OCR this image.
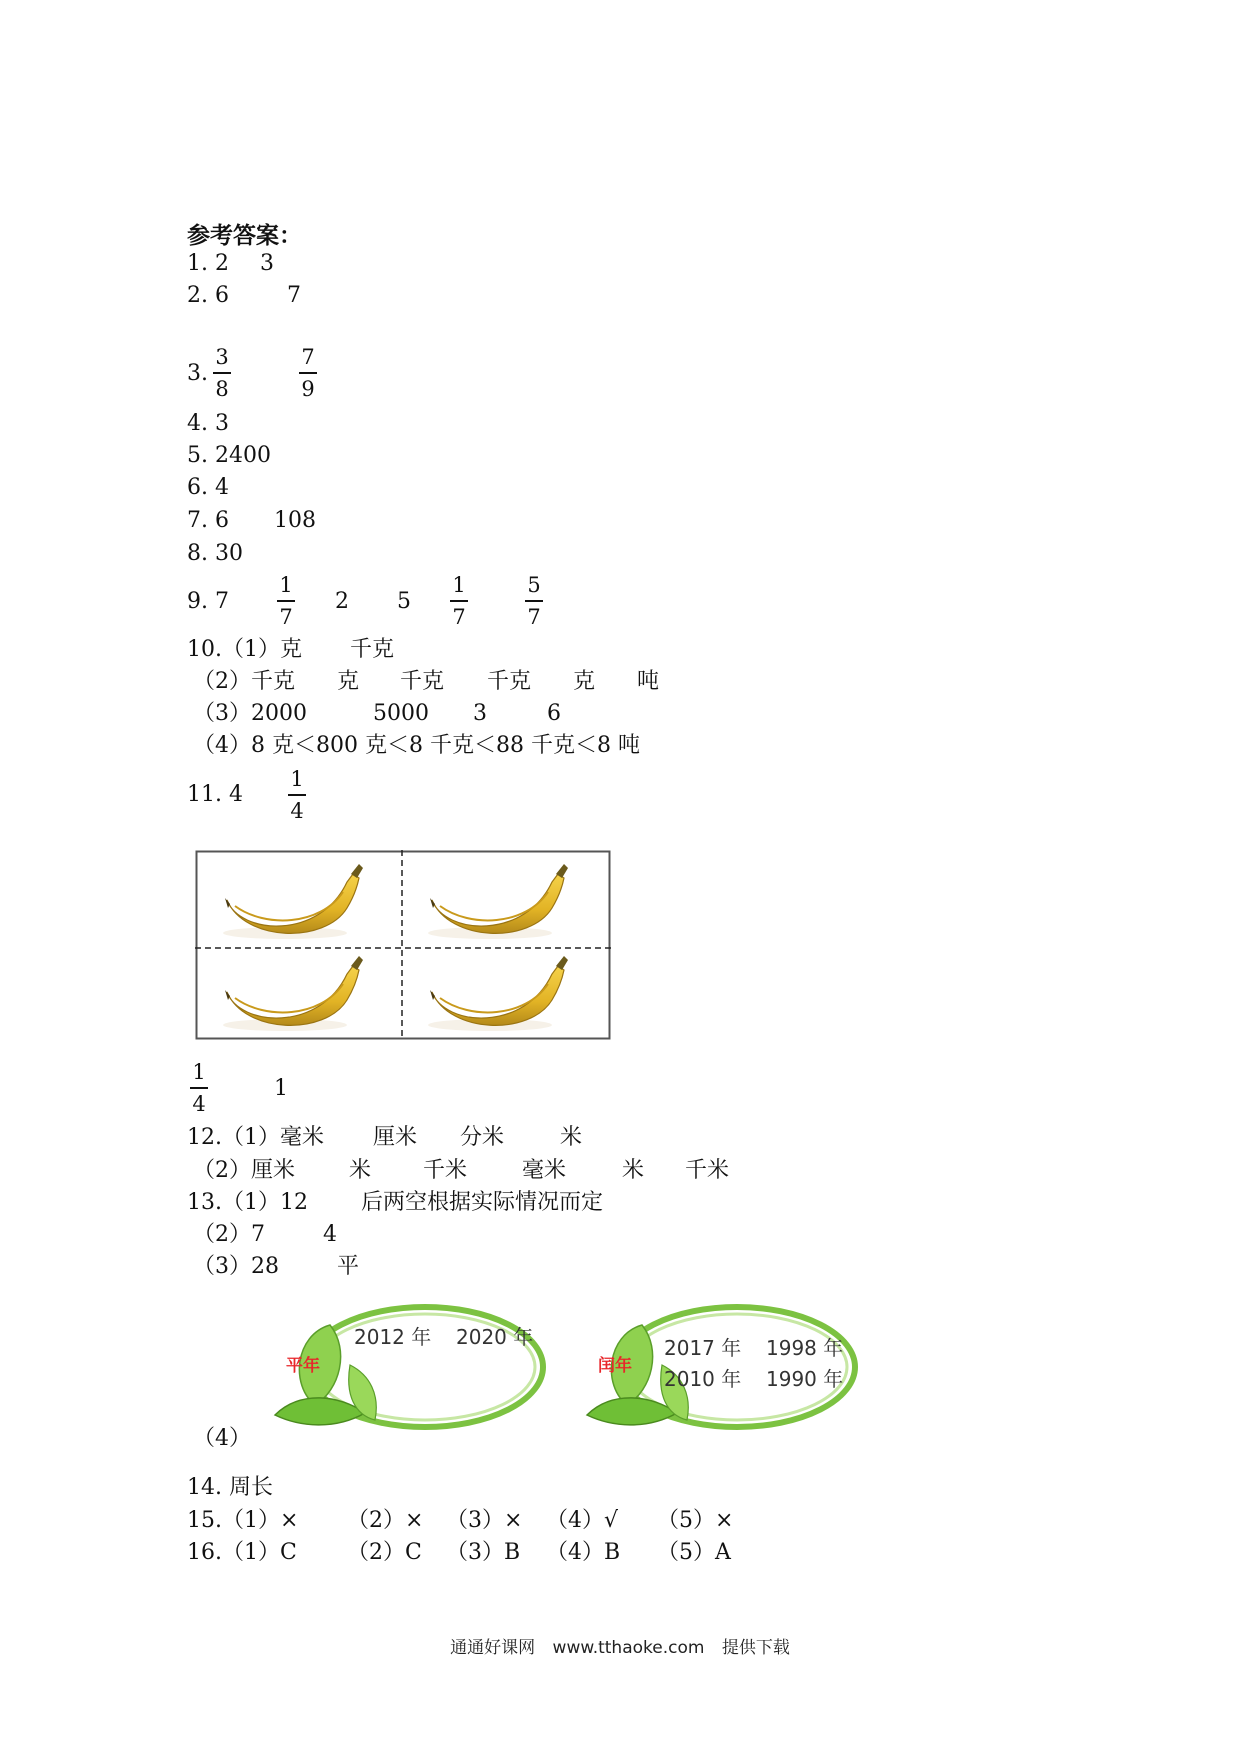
参考答案：
1. 2 3
2. 6	7
3.
3
8
7
9
4. 3
5. 2400
6. 4
7. 6 108
8. 30
9. 7
1
7
2 5
1
7
5
7
10.（1）克 千克
（2）千克 克 千克 千克 克 吨
（3）2000	5000 3	6
（4）8 克＜800 克＜8 千克＜88 千克＜8 吨
11. 4
1
4
1
4
1
12.（1）毫米 厘米 分米	米
（2）厘米 米 千米 毫米	米 千米
13.（1）12 后两空根据实际情况而定
（2）7	4
（3）28	平
平年
2012 年 2020 年
闰年
2017 年 1998 年
2010 年 1990 年
（4）
14. 周长
15.（1）× （2）× （3）× （4）√ （5）×
16.（1）C （2）C （3）B （4）B （5）A
通通好课网 www.tthaoke.com 提供下载
